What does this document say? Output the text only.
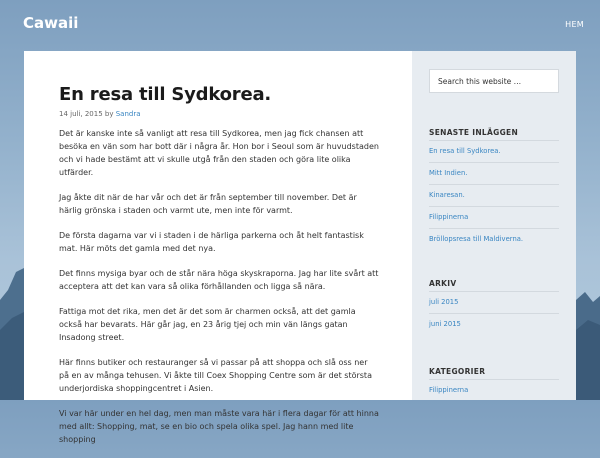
Cawaii	HEM
En resa till Sydkorea.
14 juli, 2015 by Sandra

Det är kanske inte så vanligt att resa till Sydkorea, men jag fick chansen att besöka en vän som har bott där i några år. Hon bor i Seoul som är huvudstaden och vi hade bestämt att vi skulle utgå från den staden och göra lite olika utfärder.

Jag åkte dit när de har vår och det är från september till november. Det är härlig grönska i staden och varmt ute, men inte för varmt.

De första dagarna var vi i staden i de härliga parkerna och åt helt fantastisk mat. Här möts det gamla med det nya.

Det finns mysiga byar och de står nära höga skyskraporna. Jag har lite svårt att acceptera att det kan vara så olika förhållanden och ligga så nära.

Fattiga mot det rika, men det är det som är charmen också, att det gamla också har bevarats. Här går jag, en 23 årig tjej och min vän längs gatan Insadong street.

Här finns butiker och restauranger så vi passar på att shoppa och slå oss ner på en av många tehusen. Vi åkte till Coex Shopping Centre som är det största underjordiska shoppingcentret i Asien.

Vi var här under en hel dag, men man måste vara här i flera dagar för att hinna med allt: Shopping, mat, se en bio och spela olika spel. Jag hann med lite shopping

Search this website …
SENASTE INLÄGGEN
En resa till Sydkorea.
Mitt Indien.
Kinaresan.
Filippinerna
Bröllopsresa till Maldiverna.
ARKIV
juli 2015
juni 2015
KATEGORIER
Filippinerna
